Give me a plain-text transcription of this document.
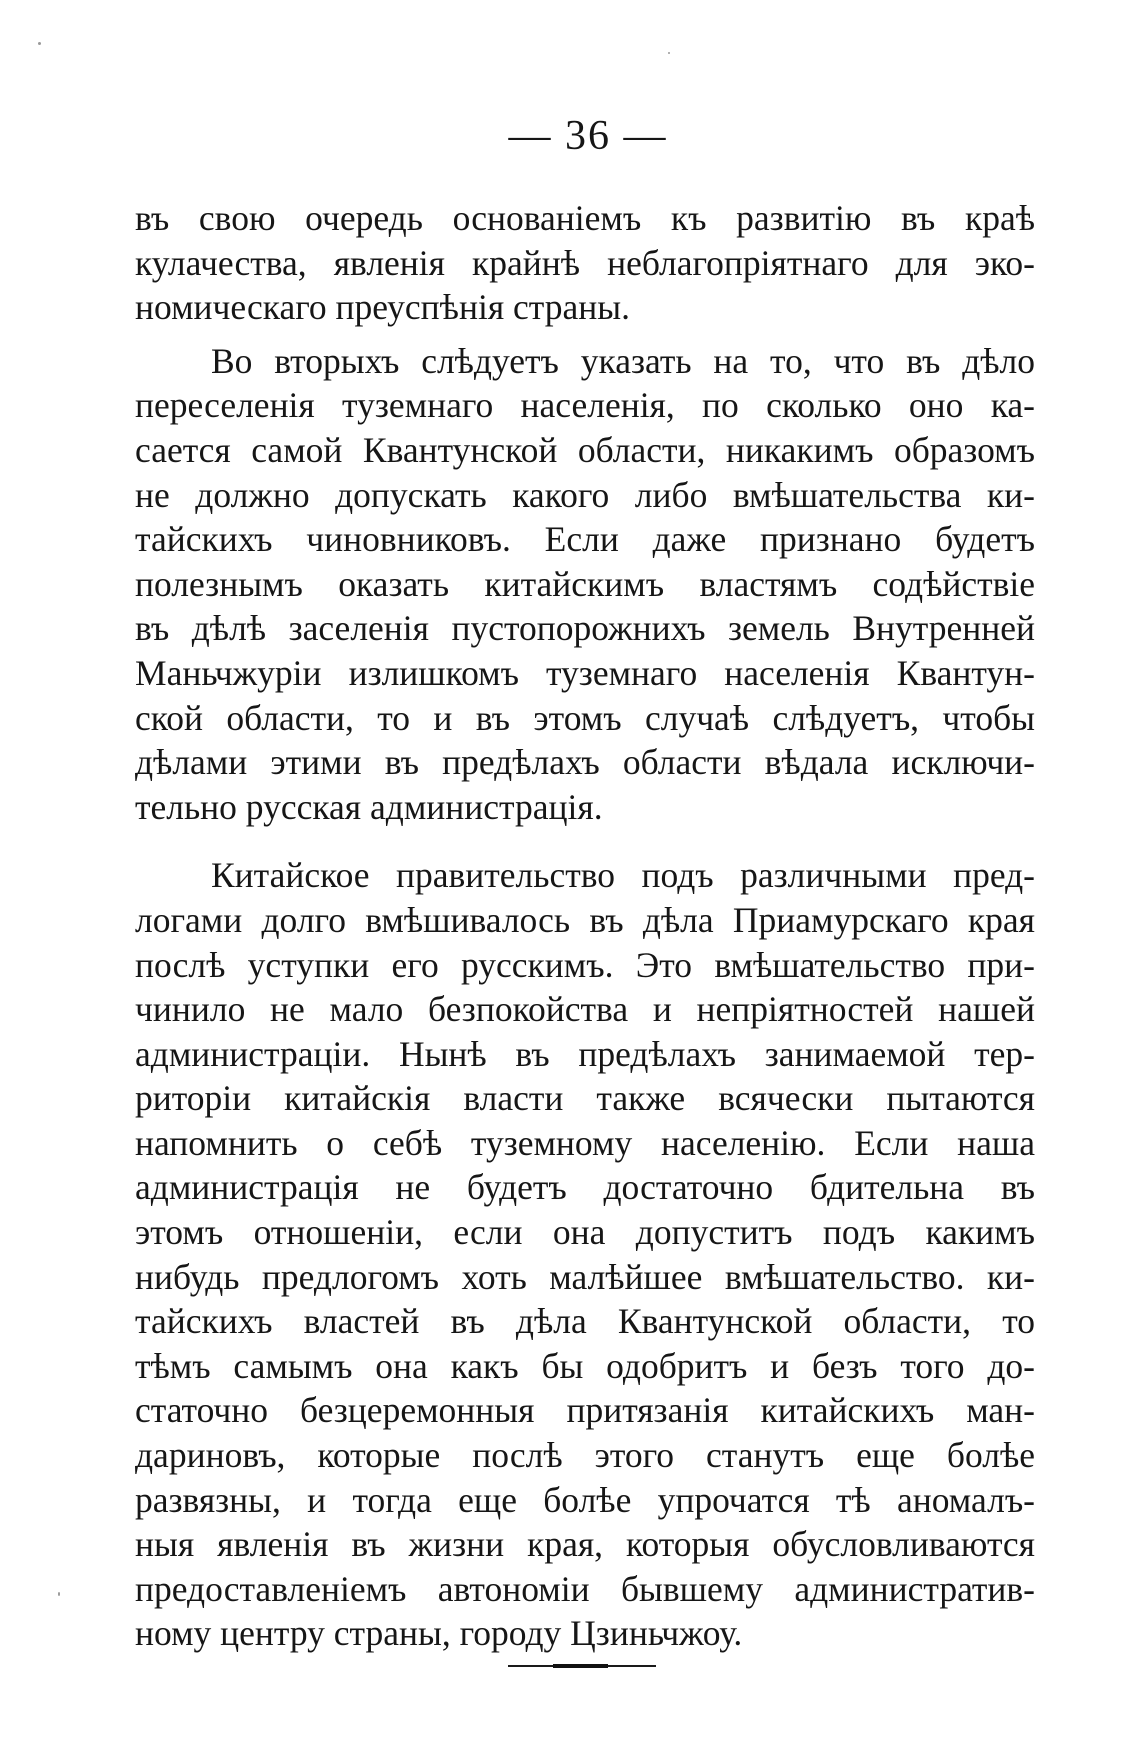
— 36 —
въ свою очередь основаніемъ къ развитію въ краѣ
кулачества, явленія крайнѣ неблагопріятнаго для эко-
номическаго преуспѣнія страны.
Во вторыхъ слѣдуетъ указать на то, что въ дѣло
переселенія туземнаго населенія, по сколько оно ка-
сается самой Квантунской области, никакимъ образомъ
не должно допускать какого либо вмѣшательства ки-
тайскихъ чиновниковъ. Если даже признано будетъ
полезнымъ оказать китайскимъ властямъ содѣйствіе
въ дѣлѣ заселенія пустопорожнихъ земель Внутренней
Маньчжуріи излишкомъ туземнаго населенія Квантун-
ской области, то и въ этомъ случаѣ слѣдуетъ, чтобы
дѣлами этими въ предѣлахъ области вѣдала исключи-
тельно русская администрація.
Китайское правительство подъ различными пред-
логами долго вмѣшивалось въ дѣла Приамурскаго края
послѣ уступки его русскимъ. Это вмѣшательство при-
чинило не мало безпокойства и непріятностей нашей
администраціи. Нынѣ въ предѣлахъ занимаемой тер-
риторіи китайскія власти также всячески пытаются
напомнить о себѣ туземному населенію. Если наша
администрація не будетъ достаточно бдительна въ
этомъ отношеніи, если она допуститъ подъ какимъ
нибудь предлогомъ хоть малѣйшее вмѣшательство. ки-
тайскихъ властей въ дѣла Квантунской области, то
тѣмъ самымъ она какъ бы одобритъ и безъ того до-
статочно безцеремонныя притязанія китайскихъ ман-
дариновъ, которые послѣ этого станутъ еще болѣе
развязны, и тогда еще болѣе упрочатся тѣ аномалъ-
ныя явленія въ жизни края, которыя обусловливаются
предоставленіемъ автономіи бывшему административ-
ному центру страны, городу Цзиньчжоу.
